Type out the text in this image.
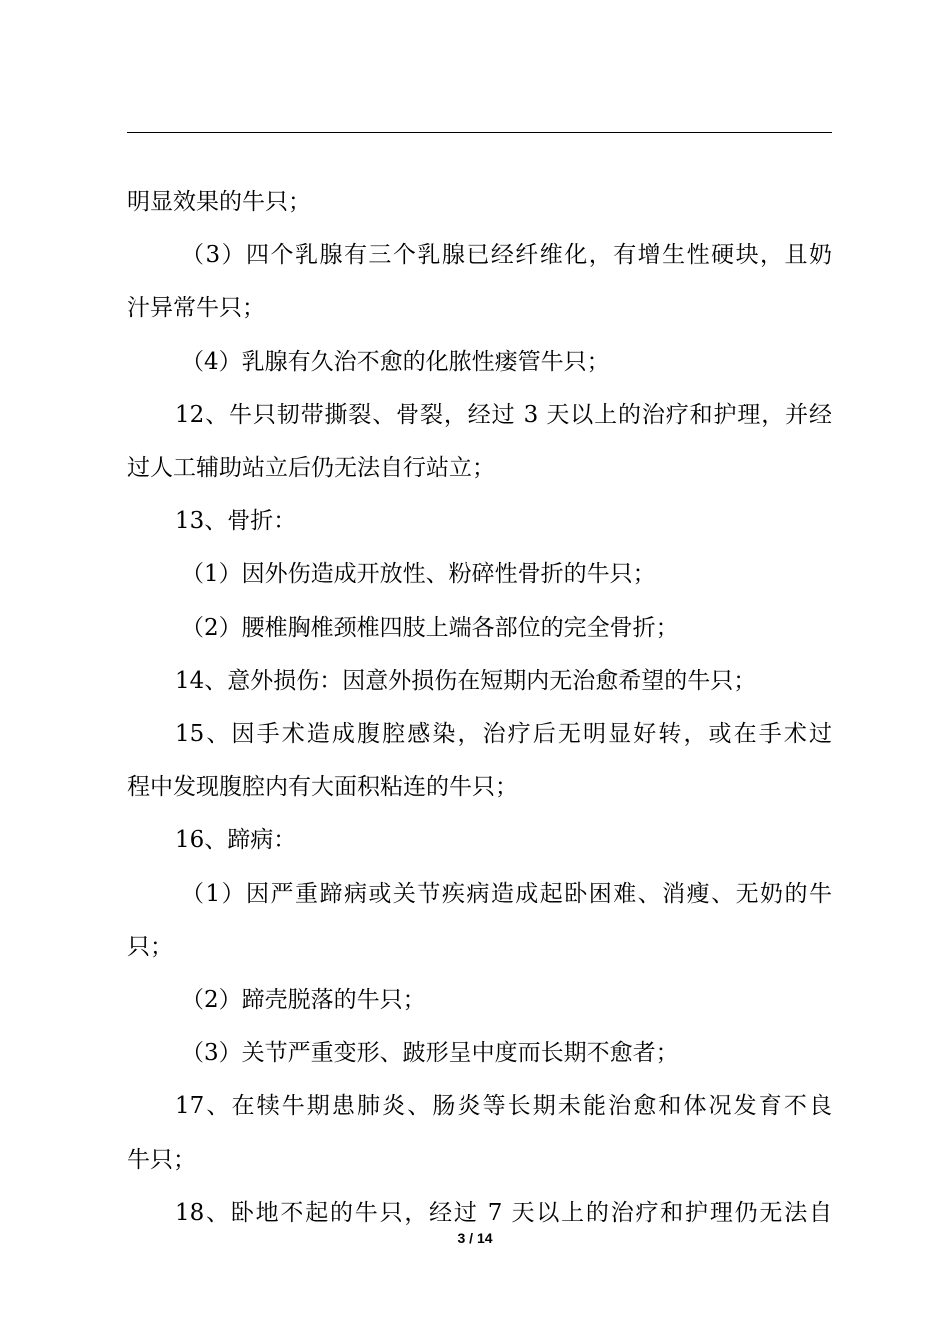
明显效果的牛只；
（3）四个乳腺有三个乳腺已经纤维化，有增生性硬块，且奶
汁异常牛只；
（4）乳腺有久治不愈的化脓性瘘管牛只；
12、牛只韧带撕裂、骨裂，经过 3 天以上的治疗和护理，并经
过人工辅助站立后仍无法自行站立；
13、骨折：
（1）因外伤造成开放性、粉碎性骨折的牛只；
（2）腰椎胸椎颈椎四肢上端各部位的完全骨折；
14、意外损伤：因意外损伤在短期内无治愈希望的牛只；
15、因手术造成腹腔感染，治疗后无明显好转，或在手术过
程中发现腹腔内有大面积粘连的牛只；
16、蹄病：
（1）因严重蹄病或关节疾病造成起卧困难、消瘦、无奶的牛
只；
（2）蹄壳脱落的牛只；
（3）关节严重变形、跛形呈中度而长期不愈者；
17、在犊牛期患肺炎、肠炎等长期未能治愈和体况发育不良
牛只；
18、卧地不起的牛只，经过 7 天以上的治疗和护理仍无法自
3 / 14
